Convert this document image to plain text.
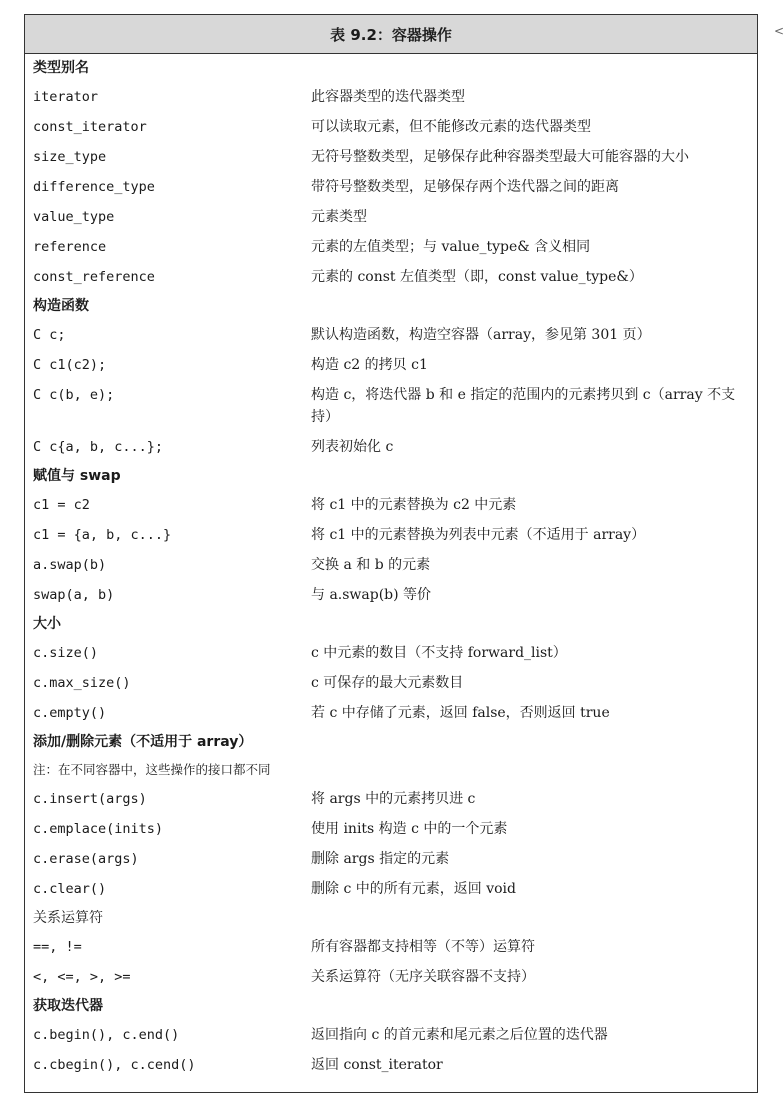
表 9.2：容器操作
类型别名
iterator	此容器类型的迭代器类型
const_iterator	可以读取元素，但不能修改元素的迭代器类型
size_type	无符号整数类型，足够保存此种容器类型最大可能容器的大小
difference_type	带符号整数类型，足够保存两个迭代器之间的距离
value_type	元素类型
reference	元素的左值类型；与 value_type& 含义相同
const_reference	元素的 const 左值类型（即，const value_type&）
构造函数
C c;	默认构造函数，构造空容器（array，参见第 301 页）
C c1(c2);	构造 c2 的拷贝 c1
C c(b, e);	构造 c，将迭代器 b 和 e 指定的范围内的元素拷贝到 c（array 不支持）
C c{a, b, c...};	列表初始化 c
赋值与 swap
c1 = c2	将 c1 中的元素替换为 c2 中元素
c1 = {a, b, c...}	将 c1 中的元素替换为列表中元素（不适用于 array）
a.swap(b)	交换 a 和 b 的元素
swap(a, b)	与 a.swap(b) 等价
大小
c.size()	c 中元素的数目（不支持 forward_list）
c.max_size()	c 可保存的最大元素数目
c.empty()	若 c 中存储了元素，返回 false，否则返回 true
添加/删除元素（不适用于 array）
注：在不同容器中，这些操作的接口都不同
c.insert(args)	将 args 中的元素拷贝进 c
c.emplace(inits)	使用 inits 构造 c 中的一个元素
c.erase(args)	删除 args 指定的元素
c.clear()	删除 c 中的所有元素，返回 void
关系运算符
==, !=	所有容器都支持相等（不等）运算符
<, <=, >, >=	关系运算符（无序关联容器不支持）
获取迭代器
c.begin(), c.end()	返回指向 c 的首元素和尾元素之后位置的迭代器
c.cbegin(), c.cend()	返回 const_iterator
<
